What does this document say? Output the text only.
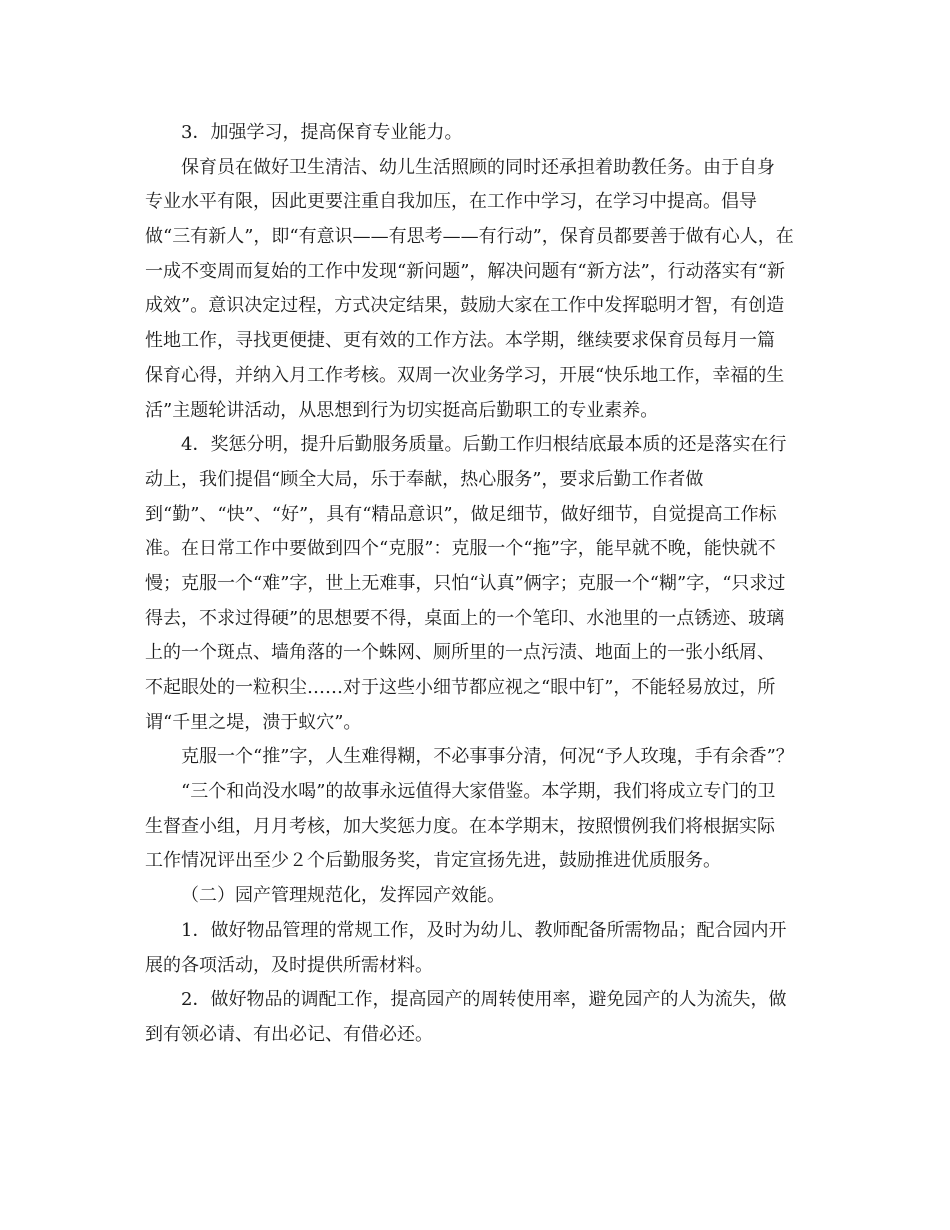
3．加强学习，提高保育专业能力。
保育员在做好卫生清洁、幼儿生活照顾的同时还承担着助教任务。由于自身
专业水平有限，因此更要注重自我加压，在工作中学习，在学习中提高。倡导
做“三有新人”，即“有意识——有思考——有行动”，保育员都要善于做有心人，在
一成不变周而复始的工作中发现“新问题”，解决问题有“新方法”，行动落实有“新
成效”。意识决定过程，方式决定结果，鼓励大家在工作中发挥聪明才智，有创造
性地工作，寻找更便捷、更有效的工作方法。本学期，继续要求保育员每月一篇
保育心得，并纳入月工作考核。双周一次业务学习，开展“快乐地工作，幸福的生
活”主题轮讲活动，从思想到行为切实挺高后勤职工的专业素养。
4．奖惩分明，提升后勤服务质量。后勤工作归根结底最本质的还是落实在行
动上，我们提倡“顾全大局，乐于奉献，热心服务”，要求后勤工作者做
到“勤”、“快”、“好”，具有“精品意识”，做足细节，做好细节，自觉提高工作标
准。在日常工作中要做到四个“克服”：克服一个“拖”字，能早就不晚，能快就不
慢；克服一个“难”字，世上无难事，只怕“认真”俩字；克服一个“糊”字，“只求过
得去，不求过得硬”的思想要不得，桌面上的一个笔印、水池里的一点锈迹、玻璃
上的一个斑点、墙角落的一个蛛网、厕所里的一点污渍、地面上的一张小纸屑、
不起眼处的一粒积尘……对于这些小细节都应视之“眼中钉”，不能轻易放过，所
谓“千里之堤，溃于蚁穴”。
克服一个“推”字，人生难得糊，不必事事分清，何况“予人玫瑰，手有余香”？
“三个和尚没水喝”的故事永远值得大家借鉴。本学期，我们将成立专门的卫
生督查小组，月月考核，加大奖惩力度。在本学期末，按照惯例我们将根据实际
工作情况评出至少２个后勤服务奖，肯定宣扬先进，鼓励推进优质服务。
（二）园产管理规范化，发挥园产效能。
1．做好物品管理的常规工作，及时为幼儿、教师配备所需物品；配合园内开
展的各项活动，及时提供所需材料。
2．做好物品的调配工作，提高园产的周转使用率，避免园产的人为流失，做
到有领必请、有出必记、有借必还。
